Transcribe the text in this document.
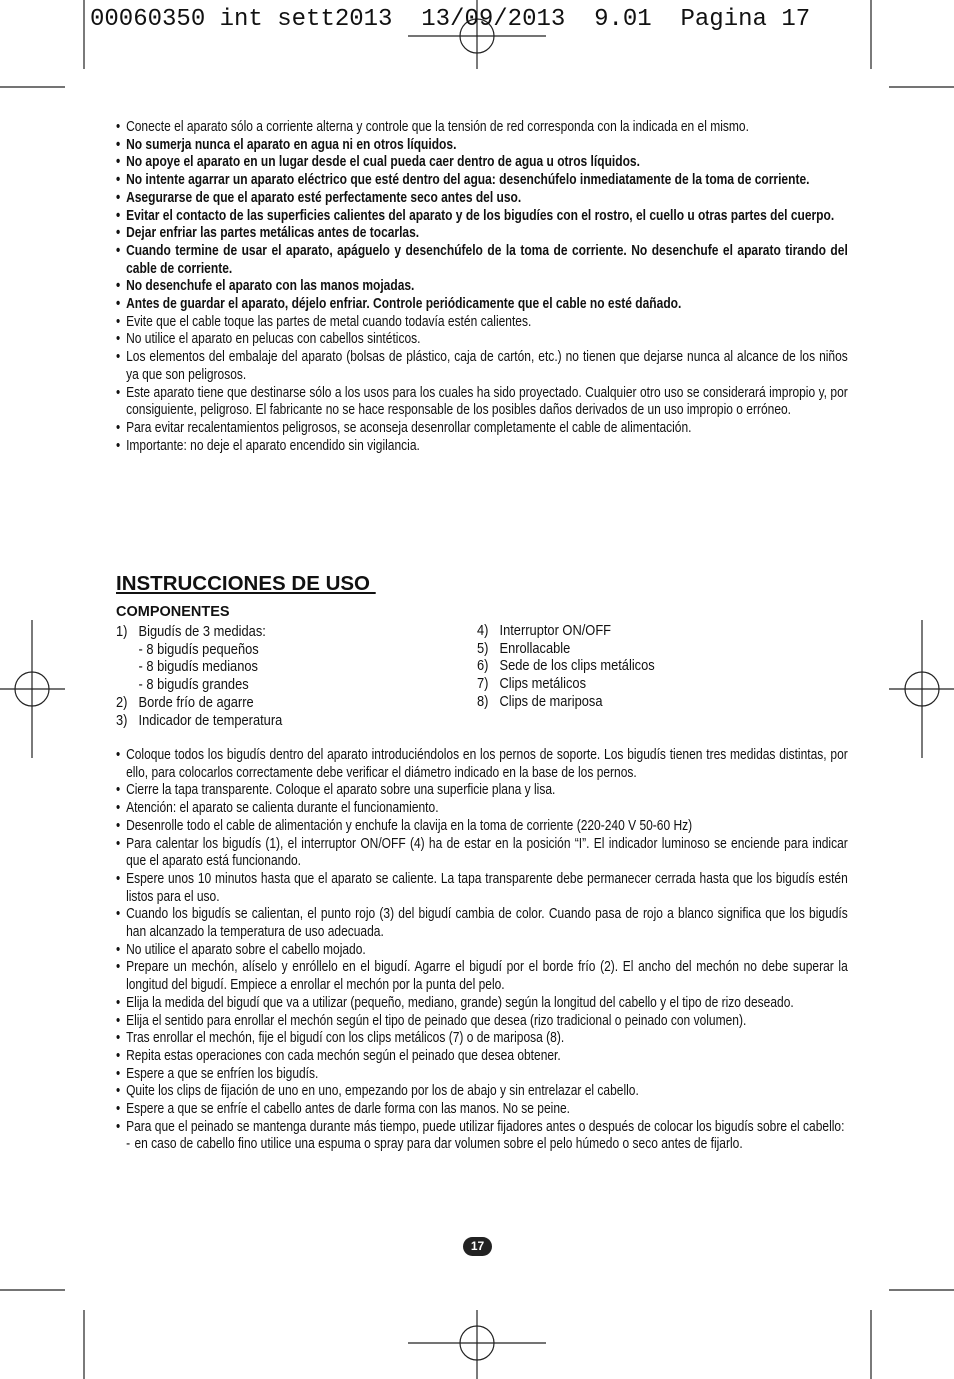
00060350 int sett2013  13/09/2013  9.01  Pagina 17
• Conecte el aparato sólo a corriente alterna y controle que la tensión de red corresponda con la indicada en el mismo.
• No sumerja nunca el aparato en agua ni en otros líquidos.
• No apoye el aparato en un lugar desde el cual pueda caer dentro de agua u otros líquidos.
• No intente agarrar un aparato eléctrico que esté dentro del agua: desenchúfelo inmediatamente de la toma de corriente.
• Asegurarse de que el aparato esté perfectamente seco antes del uso.
• Evitar el contacto de las superficies calientes del aparato y de los bigudíes con el rostro, el cuello u otras partes del cuerpo.
• Dejar enfriar las partes metálicas antes de tocarlas.
• Cuando termine de usar el aparato, apáguelo y desenchúfelo de la toma de corriente. No desenchufe el aparato tirando del cable de corriente.
• No desenchufe el aparato con las manos mojadas.
• Antes de guardar el aparato, déjelo enfriar. Controle periódicamente que el cable no esté dañado.
• Evite que el cable toque las partes de metal cuando todavía estén calientes.
• No utilice el aparato en pelucas con cabellos sintéticos.
• Los elementos del embalaje del aparato (bolsas de plástico, caja de cartón, etc.) no tienen que dejarse nunca al alcance de los niños ya que son peligrosos.
• Este aparato tiene que destinarse sólo a los usos para los cuales ha sido proyectado. Cualquier otro uso se considerará impropio y, por consiguiente, peligroso. El fabricante no se hace responsable de los posibles daños derivados de un uso impropio o erróneo.
• Para evitar recalentamientos peligrosos, se aconseja desenrollar completamente el cable de alimentación.
• Importante: no deje el aparato encendido sin vigilancia.
INSTRUCCIONES DE USO
COMPONENTES
1) Bigudís de 3 medidas:
- 8 bigudís pequeños
- 8 bigudís medianos
- 8 bigudís grandes
2) Borde frío de agarre
3) Indicador de temperatura
4) Interruptor ON/OFF
5) Enrollacable
6) Sede de los clips metálicos
7) Clips metálicos
8) Clips de mariposa
• Coloque todos los bigudís dentro del aparato introduciéndolos en los pernos de soporte. Los bigudís tienen tres medidas distintas, por ello, para colocarlos correctamente debe verificar el diámetro indicado en la base de los pernos.
• Cierre la tapa transparente. Coloque el aparato sobre una superficie plana y lisa.
• Atención: el aparato se calienta durante el funcionamiento.
• Desenrolle todo el cable de alimentación y enchufe la clavija en la toma de corriente (220-240 V 50-60 Hz)
• Para calentar los bigudís (1), el interruptor ON/OFF (4) ha de estar en la posición “I”. El indicador luminoso se enciende para indicar que el aparato está funcionando.
• Espere unos 10 minutos hasta que el aparato se caliente. La tapa transparente debe permanecer cerrada hasta que los bigudís estén listos para el uso.
• Cuando los bigudís se calientan, el punto rojo (3) del bigudí cambia de color. Cuando pasa de rojo a blanco significa que los bigudís han alcanzado la temperatura de uso adecuada.
• No utilice el aparato sobre el cabello mojado.
• Prepare un mechón, alíselo y enróllelo en el bigudí. Agarre el bigudí por el borde frío (2). El ancho del mechón no debe superar la longitud del bigudí. Empiece a enrollar el mechón por la punta del pelo.
• Elija la medida del bigudí que va a utilizar (pequeño, mediano, grande) según la longitud del cabello y el tipo de rizo deseado.
• Elija el sentido para enrollar el mechón según el tipo de peinado que desea (rizo tradicional o peinado con volumen).
• Tras enrollar el mechón, fije el bigudí con los clips metálicos (7) o de mariposa (8).
• Repita estas operaciones con cada mechón según el peinado que desea obtener.
• Espere a que se enfríen los bigudís.
• Quite los clips de fijación de uno en uno, empezando por los de abajo y sin entrelazar el cabello.
• Espere a que se enfríe el cabello antes de darle forma con las manos. No se peine.
• Para que el peinado se mantenga durante más tiempo, puede utilizar fijadores antes o después de colocar los bigudís sobre el cabello:
- en caso de cabello fino utilice una espuma o spray para dar volumen sobre el pelo húmedo o seco antes de fijarlo.
17
